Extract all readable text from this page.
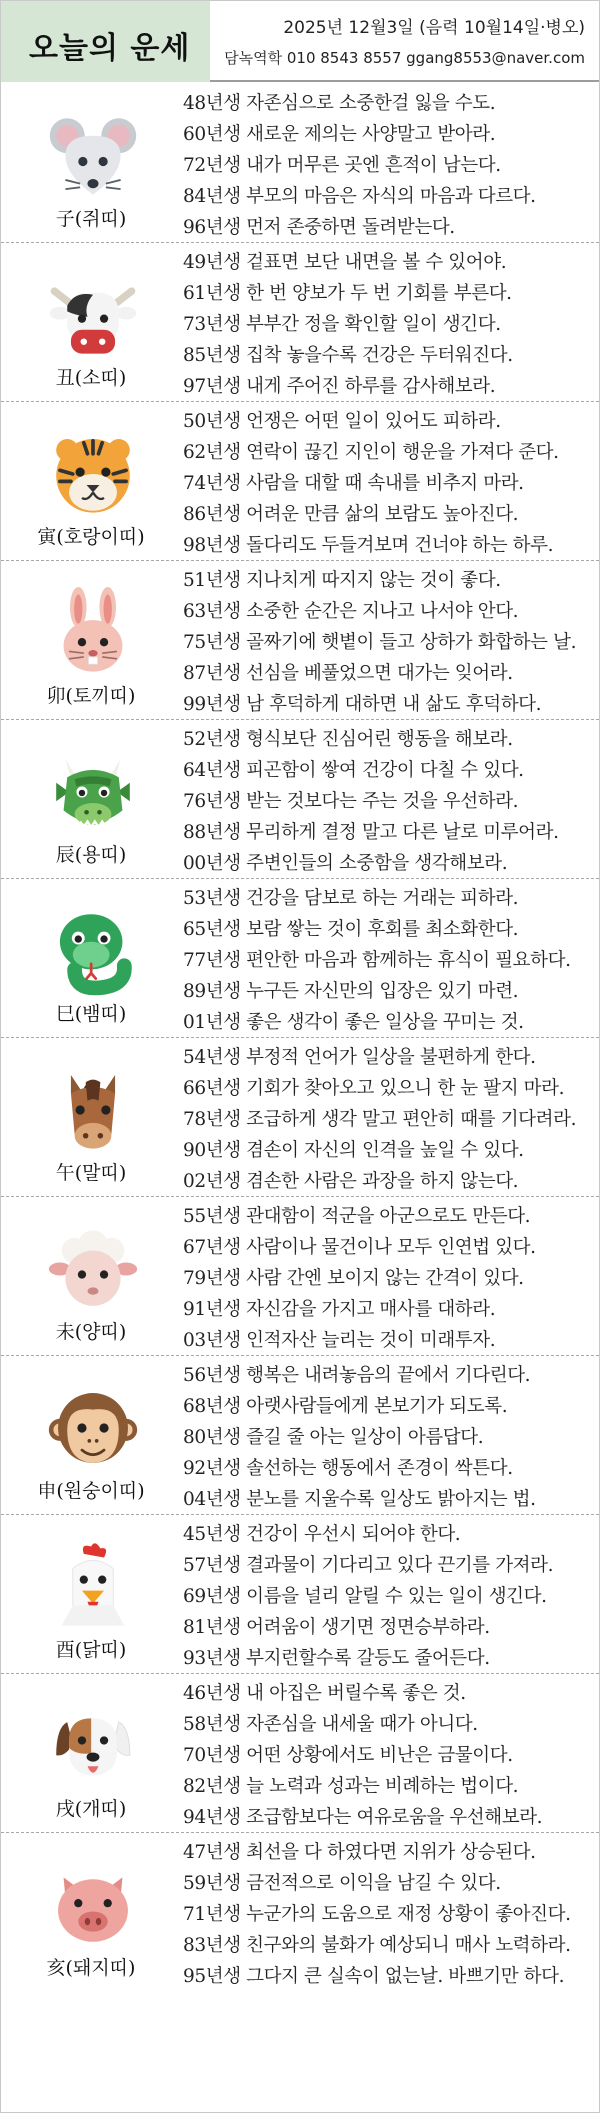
오늘의 운세
2025년 12월3일 (음력 10월14일·병오)
담녹역학 010 8543 8557 ggang8553@naver.com
子(쥐띠)
48년생 자존심으로 소중한걸 잃을 수도.
60년생 새로운 제의는 사양말고 받아라.
72년생 내가 머무른 곳엔 흔적이 남는다.
84년생 부모의 마음은 자식의 마음과 다르다.
96년생 먼저 존중하면 돌려받는다.
丑(소띠)
49년생 겉표면 보단 내면을 볼 수 있어야.
61년생 한 번 양보가 두 번 기회를 부른다.
73년생 부부간 정을 확인할 일이 생긴다.
85년생 집착 놓을수록 건강은 두터워진다.
97년생 내게 주어진 하루를 감사해보라.
寅(호랑이띠)
50년생 언쟁은 어떤 일이 있어도 피하라.
62년생 연락이 끊긴 지인이 행운을 가져다 준다.
74년생 사람을 대할 때 속내를 비추지 마라.
86년생 어려운 만큼 삶의 보람도 높아진다.
98년생 돌다리도 두들겨보며 건너야 하는 하루.
卯(토끼띠)
51년생 지나치게 따지지 않는 것이 좋다.
63년생 소중한 순간은 지나고 나서야 안다.
75년생 골짜기에 햇볕이 들고 상하가 화합하는 날.
87년생 선심을 베풀었으면 대가는 잊어라.
99년생 남 후덕하게 대하면 내 삶도 후덕하다.
辰(용띠)
52년생 형식보단 진심어린 행동을 해보라.
64년생 피곤함이 쌓여 건강이 다칠 수 있다.
76년생 받는 것보다는 주는 것을 우선하라.
88년생 무리하게 결정 말고 다른 날로 미루어라.
00년생 주변인들의 소중함을 생각해보라.
巳(뱀띠)
53년생 건강을 담보로 하는 거래는 피하라.
65년생 보람 쌓는 것이 후회를 최소화한다.
77년생 편안한 마음과 함께하는 휴식이 필요하다.
89년생 누구든 자신만의 입장은 있기 마련.
01년생 좋은 생각이 좋은 일상을 꾸미는 것.
午(말띠)
54년생 부정적 언어가 일상을 불편하게 한다.
66년생 기회가 찾아오고 있으니 한 눈 팔지 마라.
78년생 조급하게 생각 말고 편안히 때를 기다려라.
90년생 겸손이 자신의 인격을 높일 수 있다.
02년생 겸손한 사람은 과장을 하지 않는다.
未(양띠)
55년생 관대함이 적군을 아군으로도 만든다.
67년생 사람이나 물건이나 모두 인연법 있다.
79년생 사람 간엔 보이지 않는 간격이 있다.
91년생 자신감을 가지고 매사를 대하라.
03년생 인적자산 늘리는 것이 미래투자.
申(원숭이띠)
56년생 행복은 내려놓음의 끝에서 기다린다.
68년생 아랫사람들에게 본보기가 되도록.
80년생 즐길 줄 아는 일상이 아름답다.
92년생 솔선하는 행동에서 존경이 싹튼다.
04년생 분노를 지울수록 일상도 밝아지는 법.
酉(닭띠)
45년생 건강이 우선시 되어야 한다.
57년생 결과물이 기다리고 있다 끈기를 가져라.
69년생 이름을 널리 알릴 수 있는 일이 생긴다.
81년생 어려움이 생기면 정면승부하라.
93년생 부지런할수록 갈등도 줄어든다.
戌(개띠)
46년생 내 아집은 버릴수록 좋은 것.
58년생 자존심을 내세울 때가 아니다.
70년생 어떤 상황에서도 비난은 금물이다.
82년생 늘 노력과 성과는 비례하는 법이다.
94년생 조급함보다는 여유로움을 우선해보라.
亥(돼지띠)
47년생 최선을 다 하였다면 지위가 상승된다.
59년생 금전적으로 이익을 남길 수 있다.
71년생 누군가의 도움으로 재정 상황이 좋아진다.
83년생 친구와의 불화가 예상되니 매사 노력하라.
95년생 그다지 큰 실속이 없는날. 바쁘기만 하다.
